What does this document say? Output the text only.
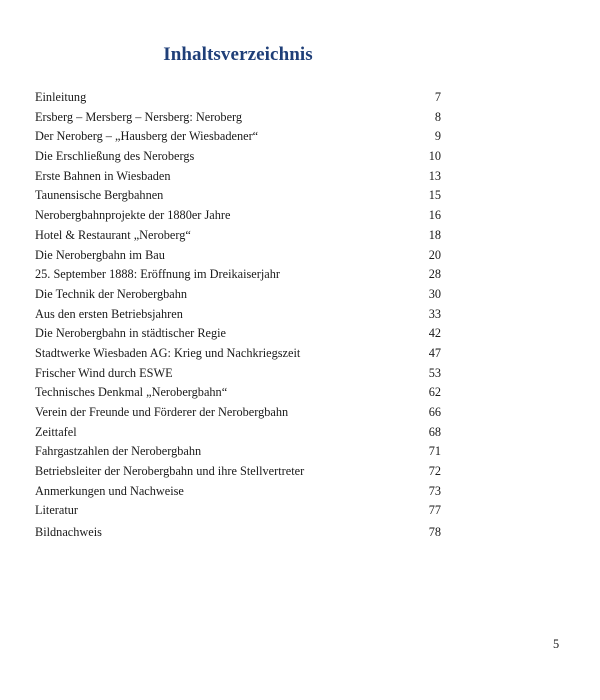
Inhaltsverzeichnis
Einleitung	7
Ersberg – Mersberg – Nersberg: Neroberg	8
Der Neroberg – „Hausberg der Wiesbadener“	9
Die Erschließung des Nerobergs	10
Erste Bahnen in Wiesbaden	13
Taunensische Bergbahnen	15
Nerobergbahnprojekte der 1880er Jahre	16
Hotel & Restaurant „Neroberg“	18
Die Nerobergbahn im Bau	20
25. September 1888: Eröffnung im Dreikaiserjahr	28
Die Technik der Nerobergbahn	30
Aus den ersten Betriebsjahren	33
Die Nerobergbahn in städtischer Regie	42
Stadtwerke Wiesbaden AG: Krieg und Nachkriegszeit	47
Frischer Wind durch ESWE	53
Technisches Denkmal „Nerobergbahn“	62
Verein der Freunde und Förderer der Nerobergbahn	66
Zeittafel	68
Fahrgastzahlen der Nerobergbahn	71
Betriebsleiter der Nerobergbahn und ihre Stellvertreter	72
Anmerkungen und Nachweise	73
Literatur	77
Bildnachweis	78
5
